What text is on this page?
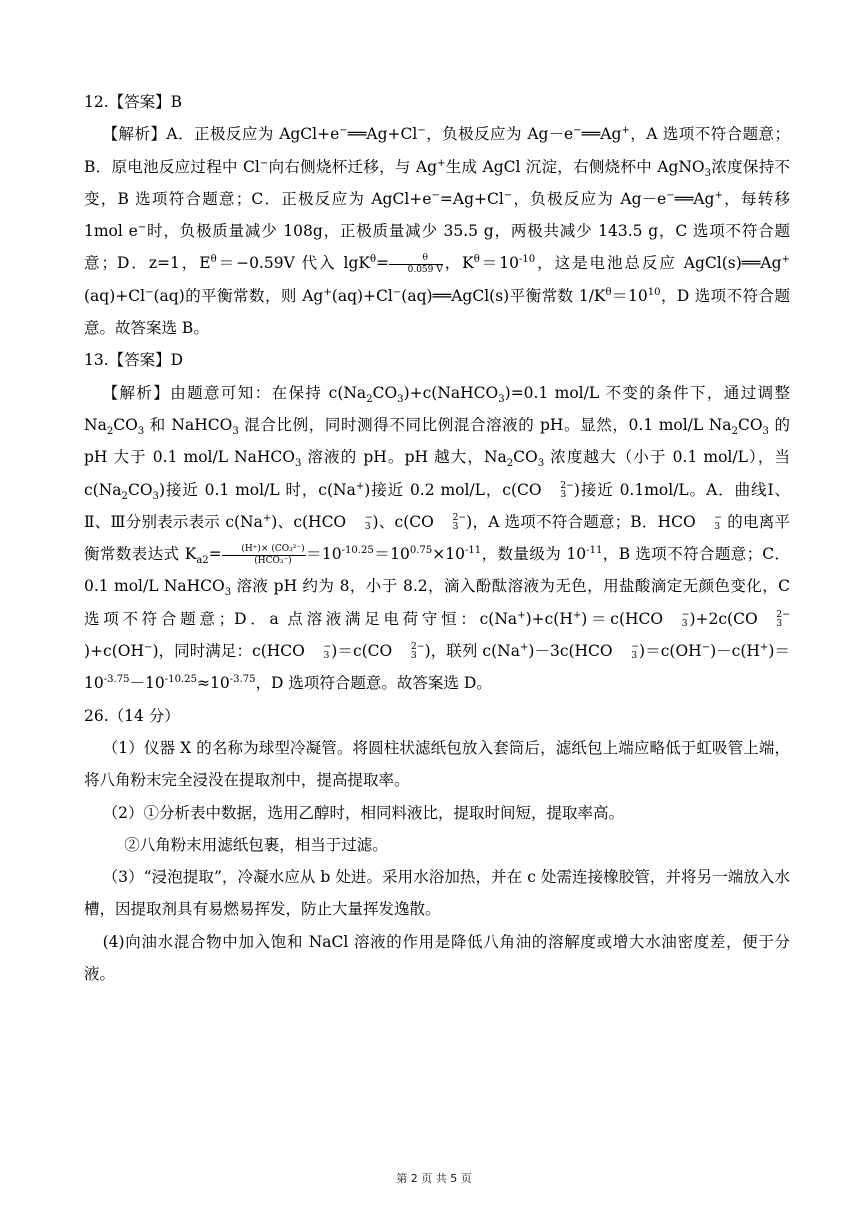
12.【答案】B

【解析】A．正极反应为 AgCl+e−══Ag+Cl−，负极反应为 Ag－e−══Ag+，A 选项不符合题意；B．原电池反应过程中 Cl−向右侧烧杯迁移，与 Ag+生成 AgCl 沉淀，右侧烧杯中 AgNO$_3$浓度保持不变，B 选项符合题意；C．正极反应为 AgCl+e−=Ag+Cl−，负极反应为 Ag－e−══Ag+，每转移 1mol e−时，负极质量减少 108g，正极质量减少 35.5 g，两极共减少 143.5 g，C 选项不符合题意；D．z=1，$E^\theta=-0.59V$ 代入 $\lg K^\theta= \frac{\theta}{0.059 V}$ ，$K^\theta=10^{-10}$，这是电池总反应 AgCl(s)══Ag+(aq)+Cl−(aq)的平衡常数，则 Ag+(aq)+Cl−(aq)══AgCl(s)平衡常数 $1/K^\theta=10^{10}$，D 选项不符合题意。故答案选 B。

13.【答案】D

【解析】由题意可知：在保持 $c(Na_2CO_3)+c(NaHCO_3)=0.1$ mol/L 不变的条件下，通过调整 $Na_2CO_3$ 和 NaHCO$_3$ 混合比例，同时测得不同比例混合溶液的 pH。显然，0.1 mol/L $Na_2CO_3$ 的 pH 大于 0.1 mol/L NaHCO$_3$ 溶液的 pH。pH 越大，$Na_2CO_3$ 浓度越大（小于 0.1 mol/L），当 $c(Na_2CO_3)$接近 0.1 mol/L 时，c(Na+)接近 0.2 mol/L，c(CO	2−
3 )接近 0.1mol/L。A．曲线Ⅰ、Ⅱ、Ⅲ分别表示表示 c(Na+)、c(HCO	−
3 )、c(CO	2−
3 )，A 选项不符合题意；B．HCO	−
3 的电离平衡常数表达式 $K_{a2}= \frac{\text{(H⁺)× (CO₃²⁻)}}{\text{(HCO₃⁻)}} =10^{-10.25}=10^{0.75}\times 10^{-11}$，数量级为 $10^{-11}$，B 选项不符合题意；C．0.1 mol/L NaHCO$_3$ 溶液 pH 约为 8，小于 8.2，滴入酚酞溶液为无色，用盐酸滴定无颜色变化，C 选项不符合题意；D．a 点溶液满足电荷守恒：c(Na+)+c(H+)＝c(HCO	−
3 )+2c(CO	2−
3
)+c(OH−)，同时满足：c(HCO	−
3 )＝c(CO	2−
3 )，联列 c(Na+)－3c(HCO	−
3 )$=c(OH^-)-c(H^+)=10^{-3.75}-10^{-10.25}\approx 10^{-3.75}$，D 选项符合题意。故答案选 D。

26.（14 分）

（1）仪器 X 的名称为球型冷凝管。将圆柱状滤纸包放入套筒后，滤纸包上端应略低于虹吸管上端，将八角粉末完全浸没在提取剂中，提高提取率。

（2）①分析表中数据，选用乙醇时，相同料液比，提取时间短，提取率高。

②八角粉末用滤纸包裹，相当于过滤。

（3）“浸泡提取”，冷凝水应从 b 处进。采用水浴加热，并在 c 处需连接橡胶管，并将另一端放入水槽，因提取剂具有易燃易挥发，防止大量挥发逸散。

(4)向油水混合物中加入饱和 NaCl 溶液的作用是降低八角油的溶解度或增大水油密度差，便于分液。

第 2 页 共 5 页
